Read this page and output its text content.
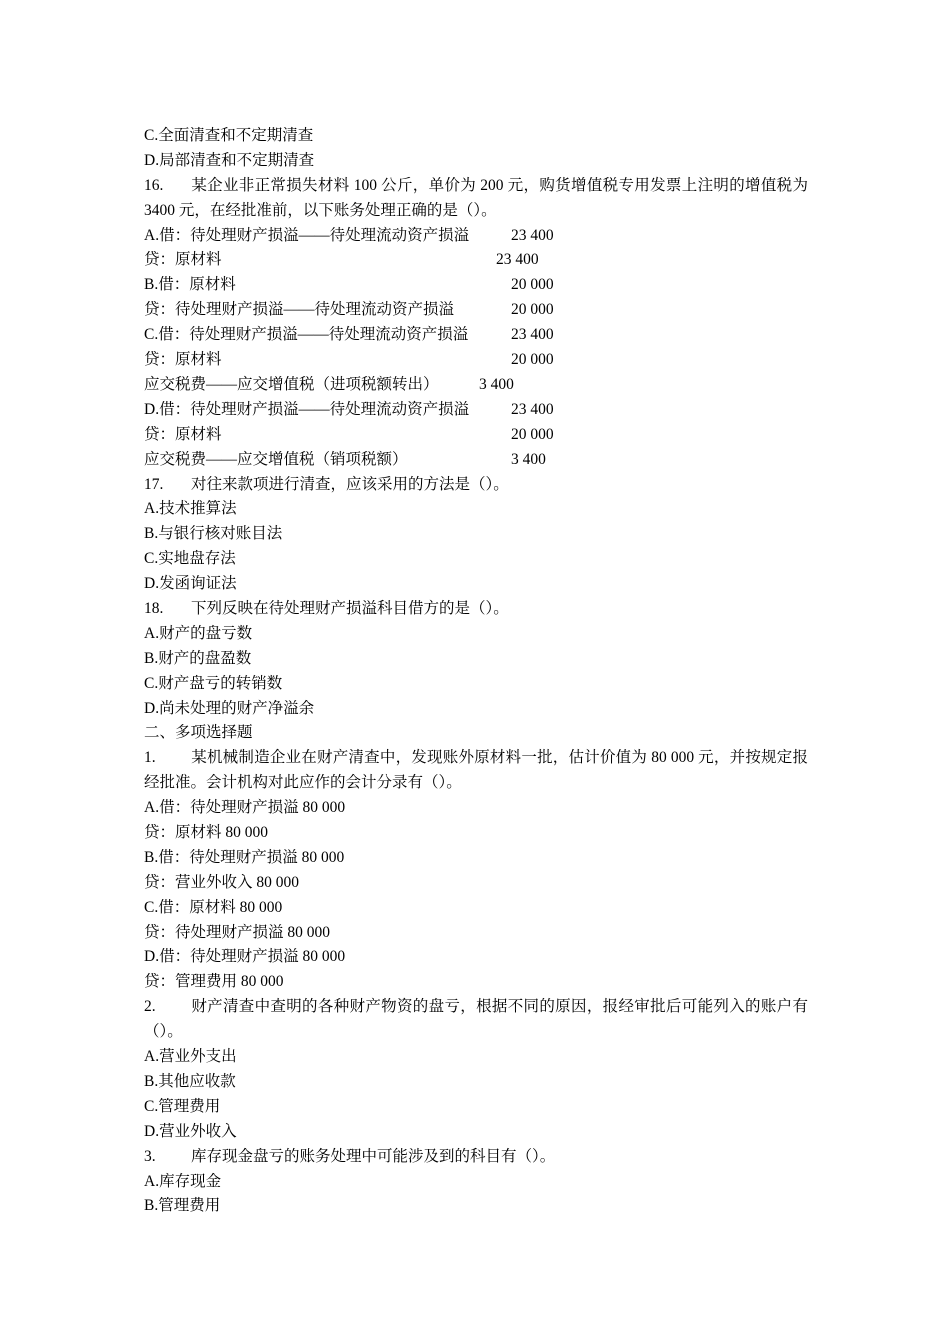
C.全面清查和不定期清查
D.局部清查和不定期清查
16. 某企业非正常损失材料 100 公斤，单价为 200 元，购货增值税专用发票上注明的增值税为 3400 元，在经批准前，以下账务处理正确的是（）。
A.借：待处理财产损溢——待处理流动资产损溢	23 400
贷：原材料	23 400
B.借：原材料	20 000
贷：待处理财产损溢——待处理流动资产损溢	20 000
C.借：待处理财产损溢——待处理流动资产损溢	23 400
贷：原材料	20 000
应交税费——应交增值税（进项税额转出）	3 400
D.借：待处理财产损溢——待处理流动资产损溢	23 400
贷：原材料	20 000
应交税费——应交增值税（销项税额）	3 400
17. 对往来款项进行清查，应该采用的方法是（）。
A.技术推算法
B.与银行核对账目法
C.实地盘存法
D.发函询证法
18. 下列反映在待处理财产损溢科目借方的是（）。
A.财产的盘亏数
B.财产的盘盈数
C.财产盘亏的转销数
D.尚未处理的财产净溢余
二、多项选择题
1. 某机械制造企业在财产清查中，发现账外原材料一批，估计价值为 80 000 元，并按规定报经批准。会计机构对此应作的会计分录有（）。
A.借：待处理财产损溢 80 000
贷：原材料 80 000
B.借：待处理财产损溢 80 000
贷：营业外收入 80 000
C.借：原材料 80 000
贷：待处理财产损溢 80 000
D.借：待处理财产损溢 80 000
贷：管理费用 80 000
2. 财产清查中查明的各种财产物资的盘亏，根据不同的原因，报经审批后可能列入的账户有（）。
A.营业外支出
B.其他应收款
C.管理费用
D.营业外收入
3. 库存现金盘亏的账务处理中可能涉及到的科目有（）。
A.库存现金
B.管理费用
